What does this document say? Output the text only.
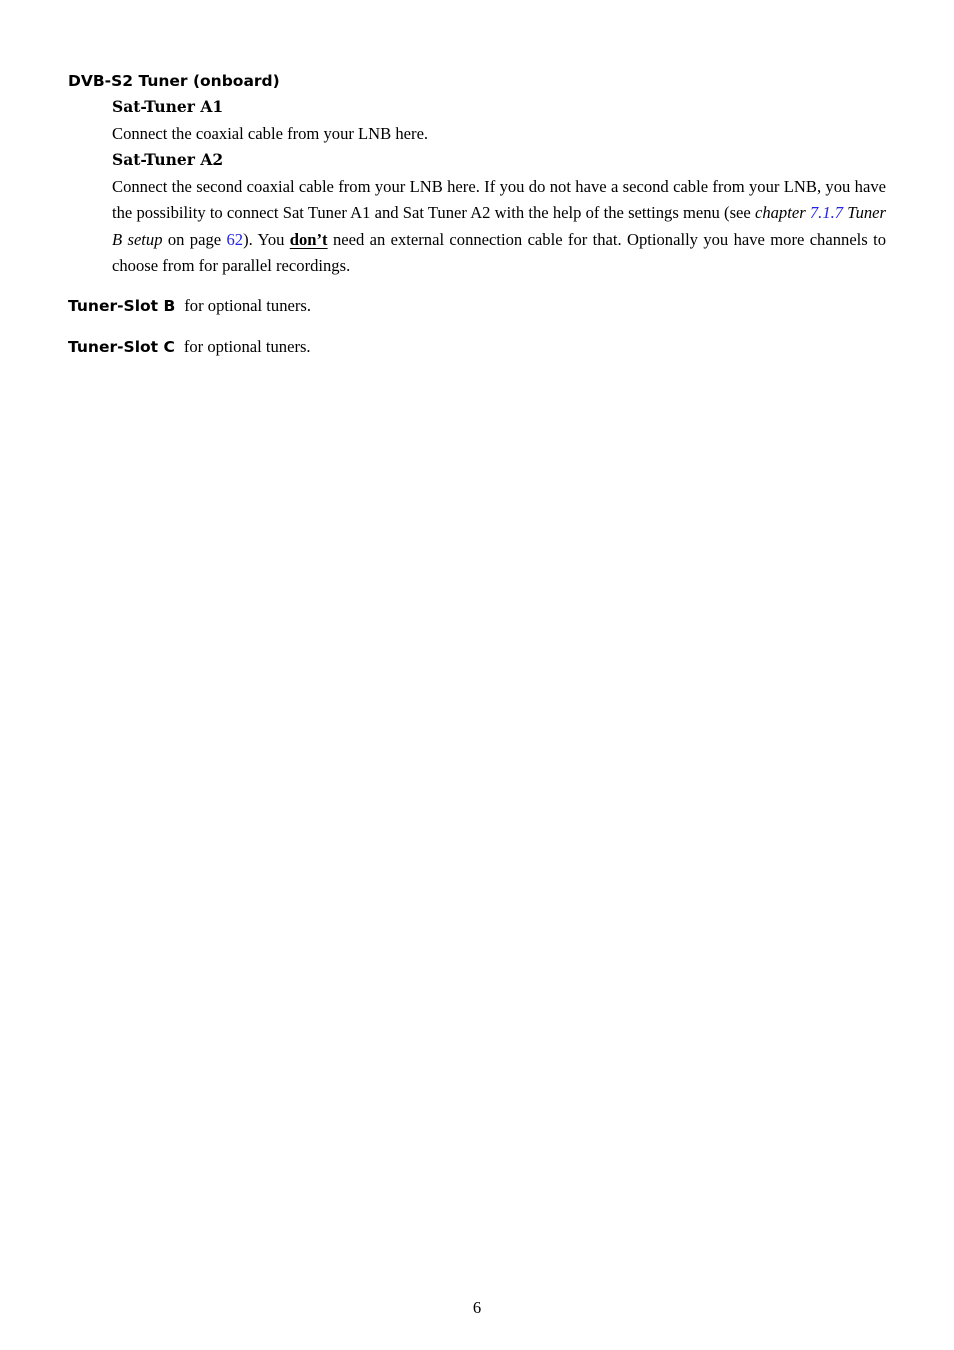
DVB-S2 Tuner (onboard)
Sat-Tuner A1
Connect the coaxial cable from your LNB here.
Sat-Tuner A2
Connect the second coaxial cable from your LNB here. If you do not have a second cable from your LNB, you have the possibility to connect Sat Tuner A1 and Sat Tuner A2 with the help of the settings menu (see chapter 7.1.7 Tuner B setup on page 62). You don’t need an external connection cable for that. Optionally you have more channels to choose from for parallel recordings.
Tuner-Slot B for optional tuners.
Tuner-Slot C for optional tuners.
6
